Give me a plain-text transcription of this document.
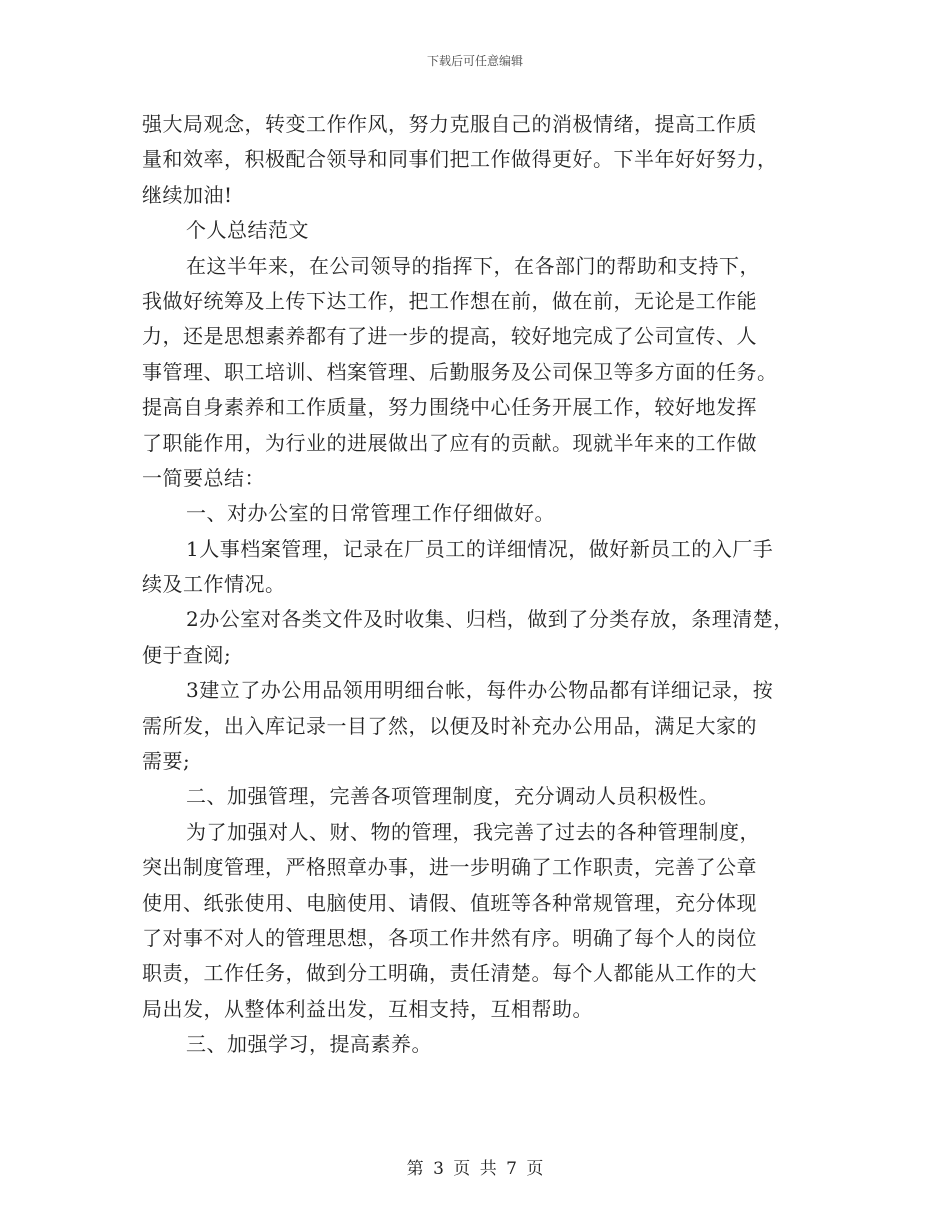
下载后可任意编辑
强大局观念，转变工作作风，努力克服自己的消极情绪，提高工作质
量和效率，积极配合领导和同事们把工作做得更好。下半年好好努力，
继续加油!
个人总结范文
在这半年来，在公司领导的指挥下，在各部门的帮助和支持下，
我做好统筹及上传下达工作，把工作想在前，做在前，无论是工作能
力，还是思想素养都有了进一步的提高，较好地完成了公司宣传、人
事管理、职工培训、档案管理、后勤服务及公司保卫等多方面的任务。
提高自身素养和工作质量，努力围绕中心任务开展工作，较好地发挥
了职能作用，为行业的进展做出了应有的贡献。现就半年来的工作做
一简要总结：
一、对办公室的日常管理工作仔细做好。
1人事档案管理，记录在厂员工的详细情况，做好新员工的入厂手
续及工作情况。
2办公室对各类文件及时收集、归档，做到了分类存放，条理清楚，
便于查阅;
3建立了办公用品领用明细台帐，每件办公物品都有详细记录，按
需所发，出入库记录一目了然，以便及时补充办公用品，满足大家的
需要;
二、加强管理，完善各项管理制度，充分调动人员积极性。
为了加强对人、财、物的管理，我完善了过去的各种管理制度，
突出制度管理，严格照章办事，进一步明确了工作职责，完善了公章
使用、纸张使用、电脑使用、请假、值班等各种常规管理，充分体现
了对事不对人的管理思想，各项工作井然有序。明确了每个人的岗位
职责，工作任务，做到分工明确，责任清楚。每个人都能从工作的大
局出发，从整体利益出发，互相支持，互相帮助。
三、加强学习，提高素养。
第 3 页 共 7 页
